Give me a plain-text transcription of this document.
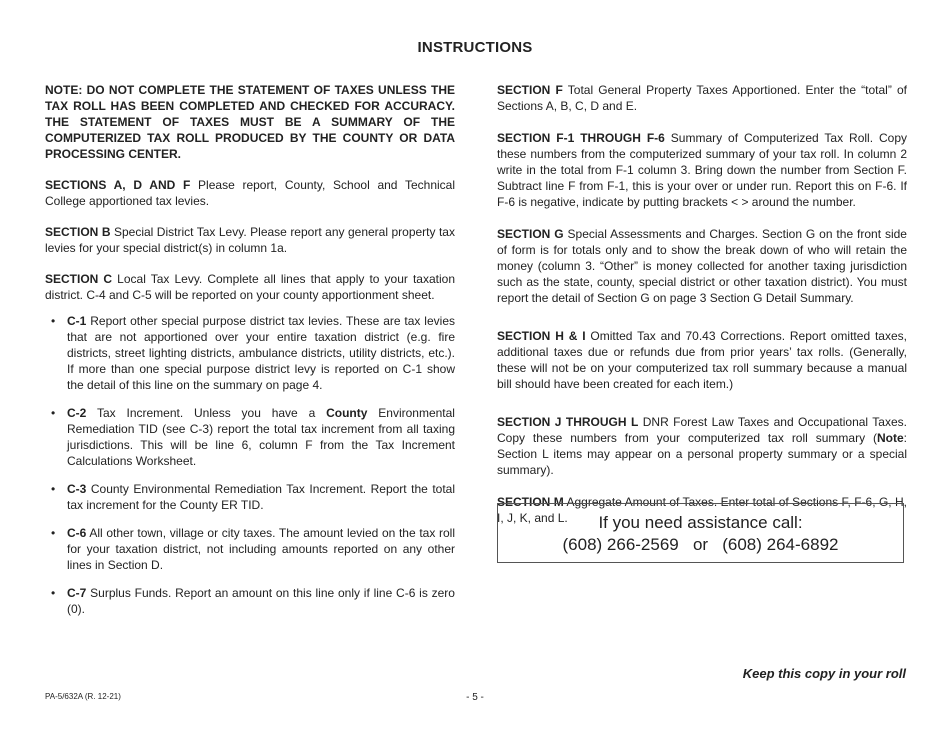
INSTRUCTIONS

NOTE: DO NOT COMPLETE THE STATEMENT OF TAXES UNLESS THE TAX ROLL HAS BEEN COMPLETED AND CHECKED FOR ACCURACY. THE STATEMENT OF TAXES MUST BE A SUMMARY OF THE COMPUTERIZED TAX ROLL PRODUCED BY THE COUNTY OR DATA PROCESSING CENTER.

SECTIONS A, D AND F Please report, County, School and Technical College apportioned tax levies.

SECTION B Special District Tax Levy. Please report any general property tax levies for your special district(s) in column 1a.

SECTION C Local Tax Levy. Complete all lines that apply to your taxation district. C-4 and C-5 will be reported on your county apportionment sheet.

• C-1 Report other special purpose district tax levies. These are tax levies that are not apportioned over your entire taxation district (e.g. fire districts, street lighting districts, ambulance districts, utility districts, etc.). If more than one special purpose district levy is reported on C-1 show the detail of this line on the summary on page 4.
• C-2 Tax Increment. Unless you have a County Environmental Remediation TID (see C-3) report the total tax increment from all taxing jurisdictions. This will be line 6, column F from the Tax Increment Calculations Worksheet.
• C-3 County Environmental Remediation Tax Increment. Report the total tax increment for the County ER TID.
• C-6 All other town, village or city taxes. The amount levied on the tax roll for your taxation district, not including amounts reported on any other lines in Section D.
• C-7 Surplus Funds. Report an amount on this line only if line C-6 is zero (0).

SECTION F Total General Property Taxes Apportioned. Enter the “total” of Sections A, B, C, D and E.

SECTION F-1 THROUGH F-6 Summary of Computerized Tax Roll. Copy these numbers from the computerized summary of your tax roll. In column 2 write in the total from F-1 column 3. Bring down the number from Section F. Subtract line F from F-1, this is your over or under run. Report this on F-6. If F-6 is negative, indicate by putting brackets < > around the number.

SECTION G Special Assessments and Charges. Section G on the front side of form is for totals only and to show the break down of who will retain the money (column 3. “Other” is money collected for another taxing jurisdiction such as the state, county, special district or other taxation district). You must report the detail of Section G on page 3 Section G Detail Summary.

SECTION H & I Omitted Tax and 70.43 Corrections. Report omitted taxes, additional taxes due or refunds due from prior years’ tax rolls. (Generally, these will not be on your computerized tax roll summary because a manual bill should have been created for each item.)

SECTION J THROUGH L DNR Forest Law Taxes and Occupational Taxes. Copy these numbers from your computerized tax roll summary (Note: Section L items may appear on a personal property summary or a special summary).

SECTION M Aggregate Amount of Taxes. Enter total of Sections F, F-6, G, H, I, J, K, and L.	If you need assistance call:
(608) 266-2569 or (608) 264-6892
Keep this copy in your roll
PA-5/632A (R. 12-21)	- 5 -
